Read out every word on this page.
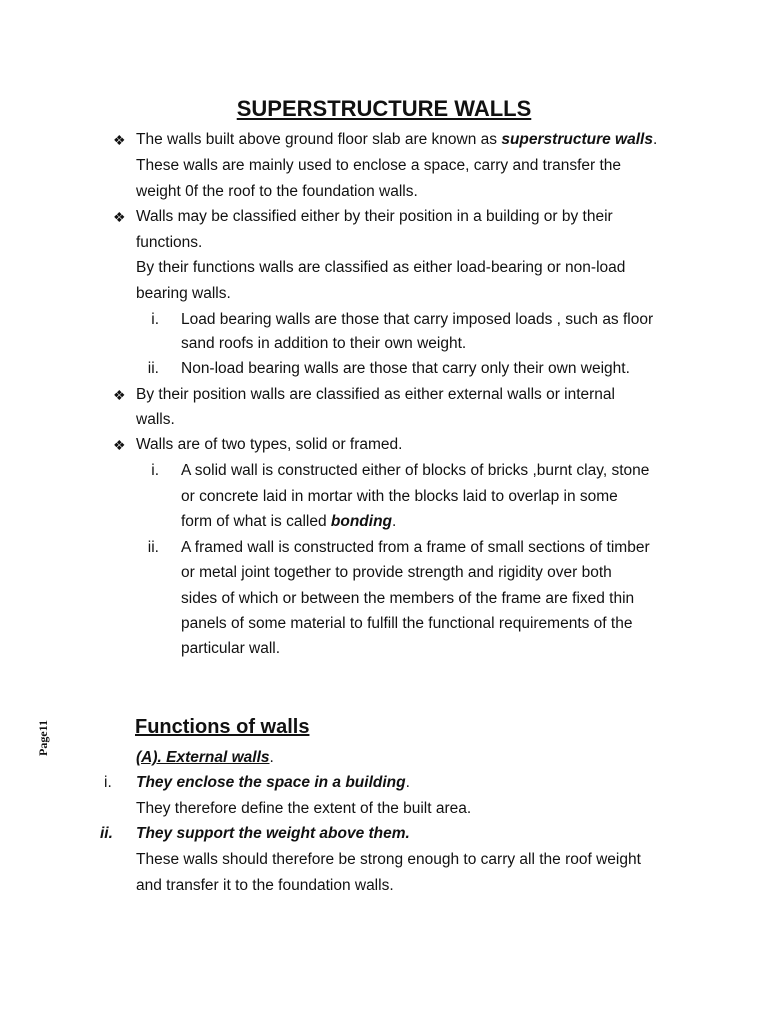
SUPERSTRUCTURE WALLS
❖ The walls built above ground floor slab are known as superstructure walls.
These walls are mainly used to enclose a space, carry and transfer the
weight 0f the roof to the foundation walls.
❖ Walls may be classified either by their position in a building or by their
functions.
By their functions walls are classified as either load-bearing or non-load
bearing walls.
i. Load bearing walls are those that carry imposed loads , such as floor
sand roofs in addition to their own weight.
ii. Non-load bearing walls are those that carry only their own weight.
❖ By their position walls are classified as either external walls or internal
walls.
❖ Walls are of two types, solid or framed.
i. A solid wall is constructed either of blocks of bricks ,burnt clay, stone
or concrete laid in mortar with the blocks laid to overlap in some
form of what is called bonding.
ii. A framed wall is constructed from a frame of small sections of timber
or metal joint together to provide strength and rigidity over both
sides of which or between the members of the frame are fixed thin
panels of some material to fulfill the functional requirements of the
particular wall.
Page11	Functions of walls
(A). External walls.
i. They enclose the space in a building.
They therefore define the extent of the built area.
ii. They support the weight above them.
These walls should therefore be strong enough to carry all the roof weight
and transfer it to the foundation walls.
